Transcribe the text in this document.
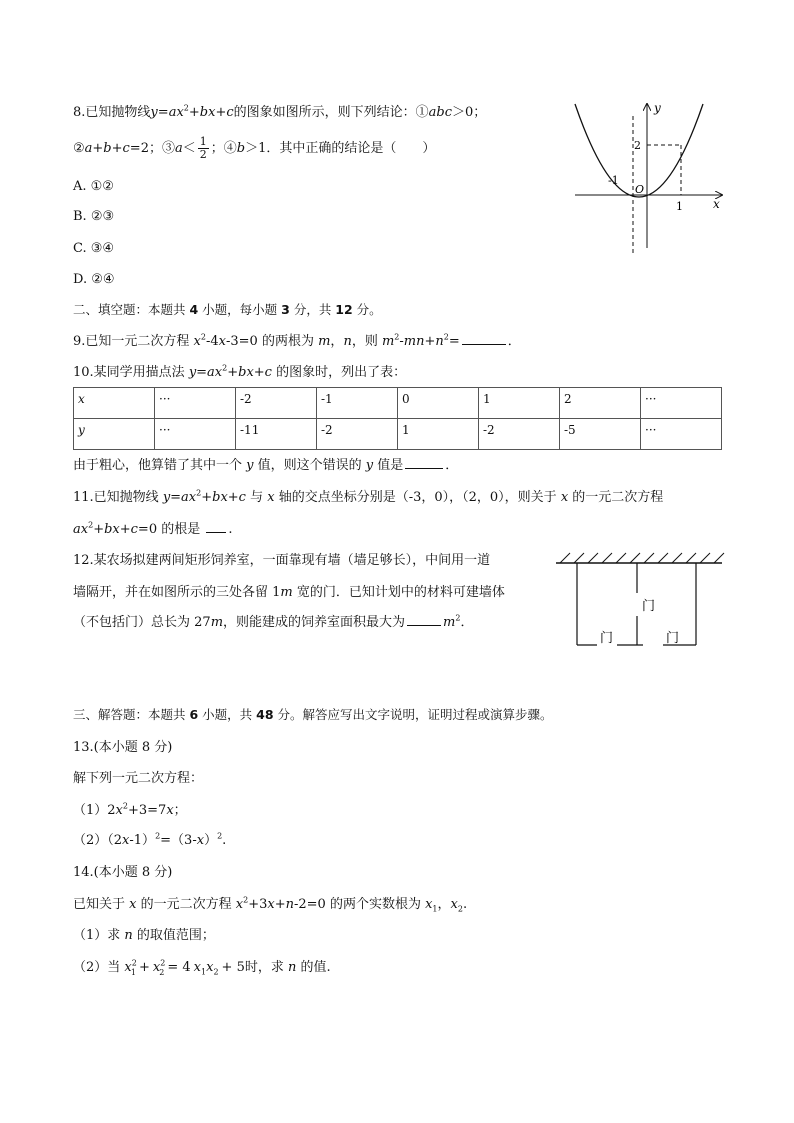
8.已知抛物线$y=ax^2+bx+c$的图象如图所示，则下列结论：①abc＞0；
②a+b+c=2；③a＜ $\frac{1}{2}$ ；④b＞1．其中正确的结论是（　　）
A. ①②
B. ②③
C. ③④
D. ②④
y
x
O
2
-1
1
二、填空题：本题共 4 小题，每小题 3 分，共 12 分。
9.已知一元二次方程 $x^2-4x-3=0$ 的两根为 m，n，则 $m^2-mn+n^2=$	．
10.某同学用描点法 $y=ax^2+bx+c$ 的图象时，列出了表：
x	···	-2	-1	0	1	2	···
y	···	-11	-2	1	-2	-5	···
由于粗心，他算错了其中一个 y 值，则这个错误的 y 值是	．
11.已知抛物线 $y=ax^2+bx+c$ 与 x 轴的交点坐标分别是（-3，0），（2，0），则关于 x 的一元二次方程
$ax^2+bx+c=0$ 的根是 .
12.某农场拟建两间矩形饲养室，一面靠现有墙（墙足够长），中间用一道
墙隔开，并在如图所示的三处各留 1m 宽的门．已知计划中的材料可建墙体
（不包括门）总长为 27m，则能建成的饲养室面积最大为	$m^2$．
门
门	门
三、解答题：本题共 6 小题，共 48 分。解答应写出文字说明，证明过程或演算步骤。
13.(本小题 8 分)
解下列一元二次方程：
$(1)2x^2+3=7x$；
$(2)(2x-1)^2=(3-x)^2$.
14.(本小题 8 分)
已知关于 x 的一元二次方程 $x^2+3x+n-2=0$ 的两个实数根为 $x_1$，$x_2$.
（1）求 n 的取值范围；
（2）当 $x^2_1 + x^2_2 = 4$ $x_1x_2 + 5$时，求 n 的值.
